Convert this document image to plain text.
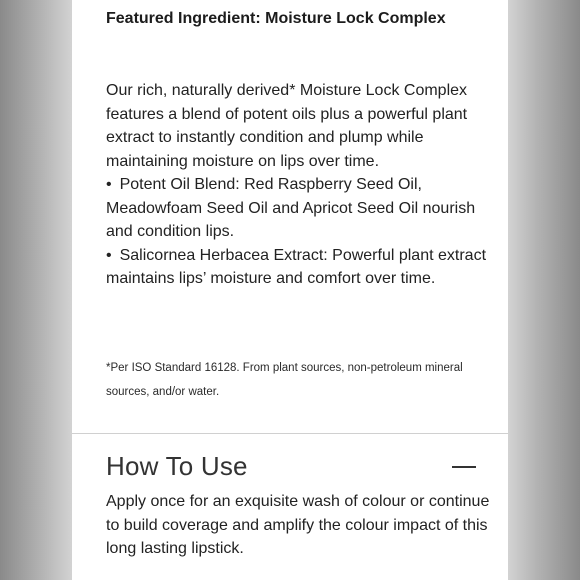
Featured Ingredient: Moisture Lock Complex

Our rich, naturally derived* Moisture Lock Complex features a blend of potent oils plus a powerful plant extract to instantly condition and plump while maintaining moisture on lips over time.

• Potent Oil Blend: Red Raspberry Seed Oil, Meadowfoam Seed Oil and Apricot Seed Oil nourish and condition lips.
• Salicornea Herbacea Extract: Powerful plant extract maintains lips’ moisture and comfort over time.
*Per ISO Standard 16128. From plant sources, non-petroleum mineral sources, and/or water.
How To Use
Apply once for an exquisite wash of colour or continue to build coverage and amplify the colour impact of this long lasting lipstick.
